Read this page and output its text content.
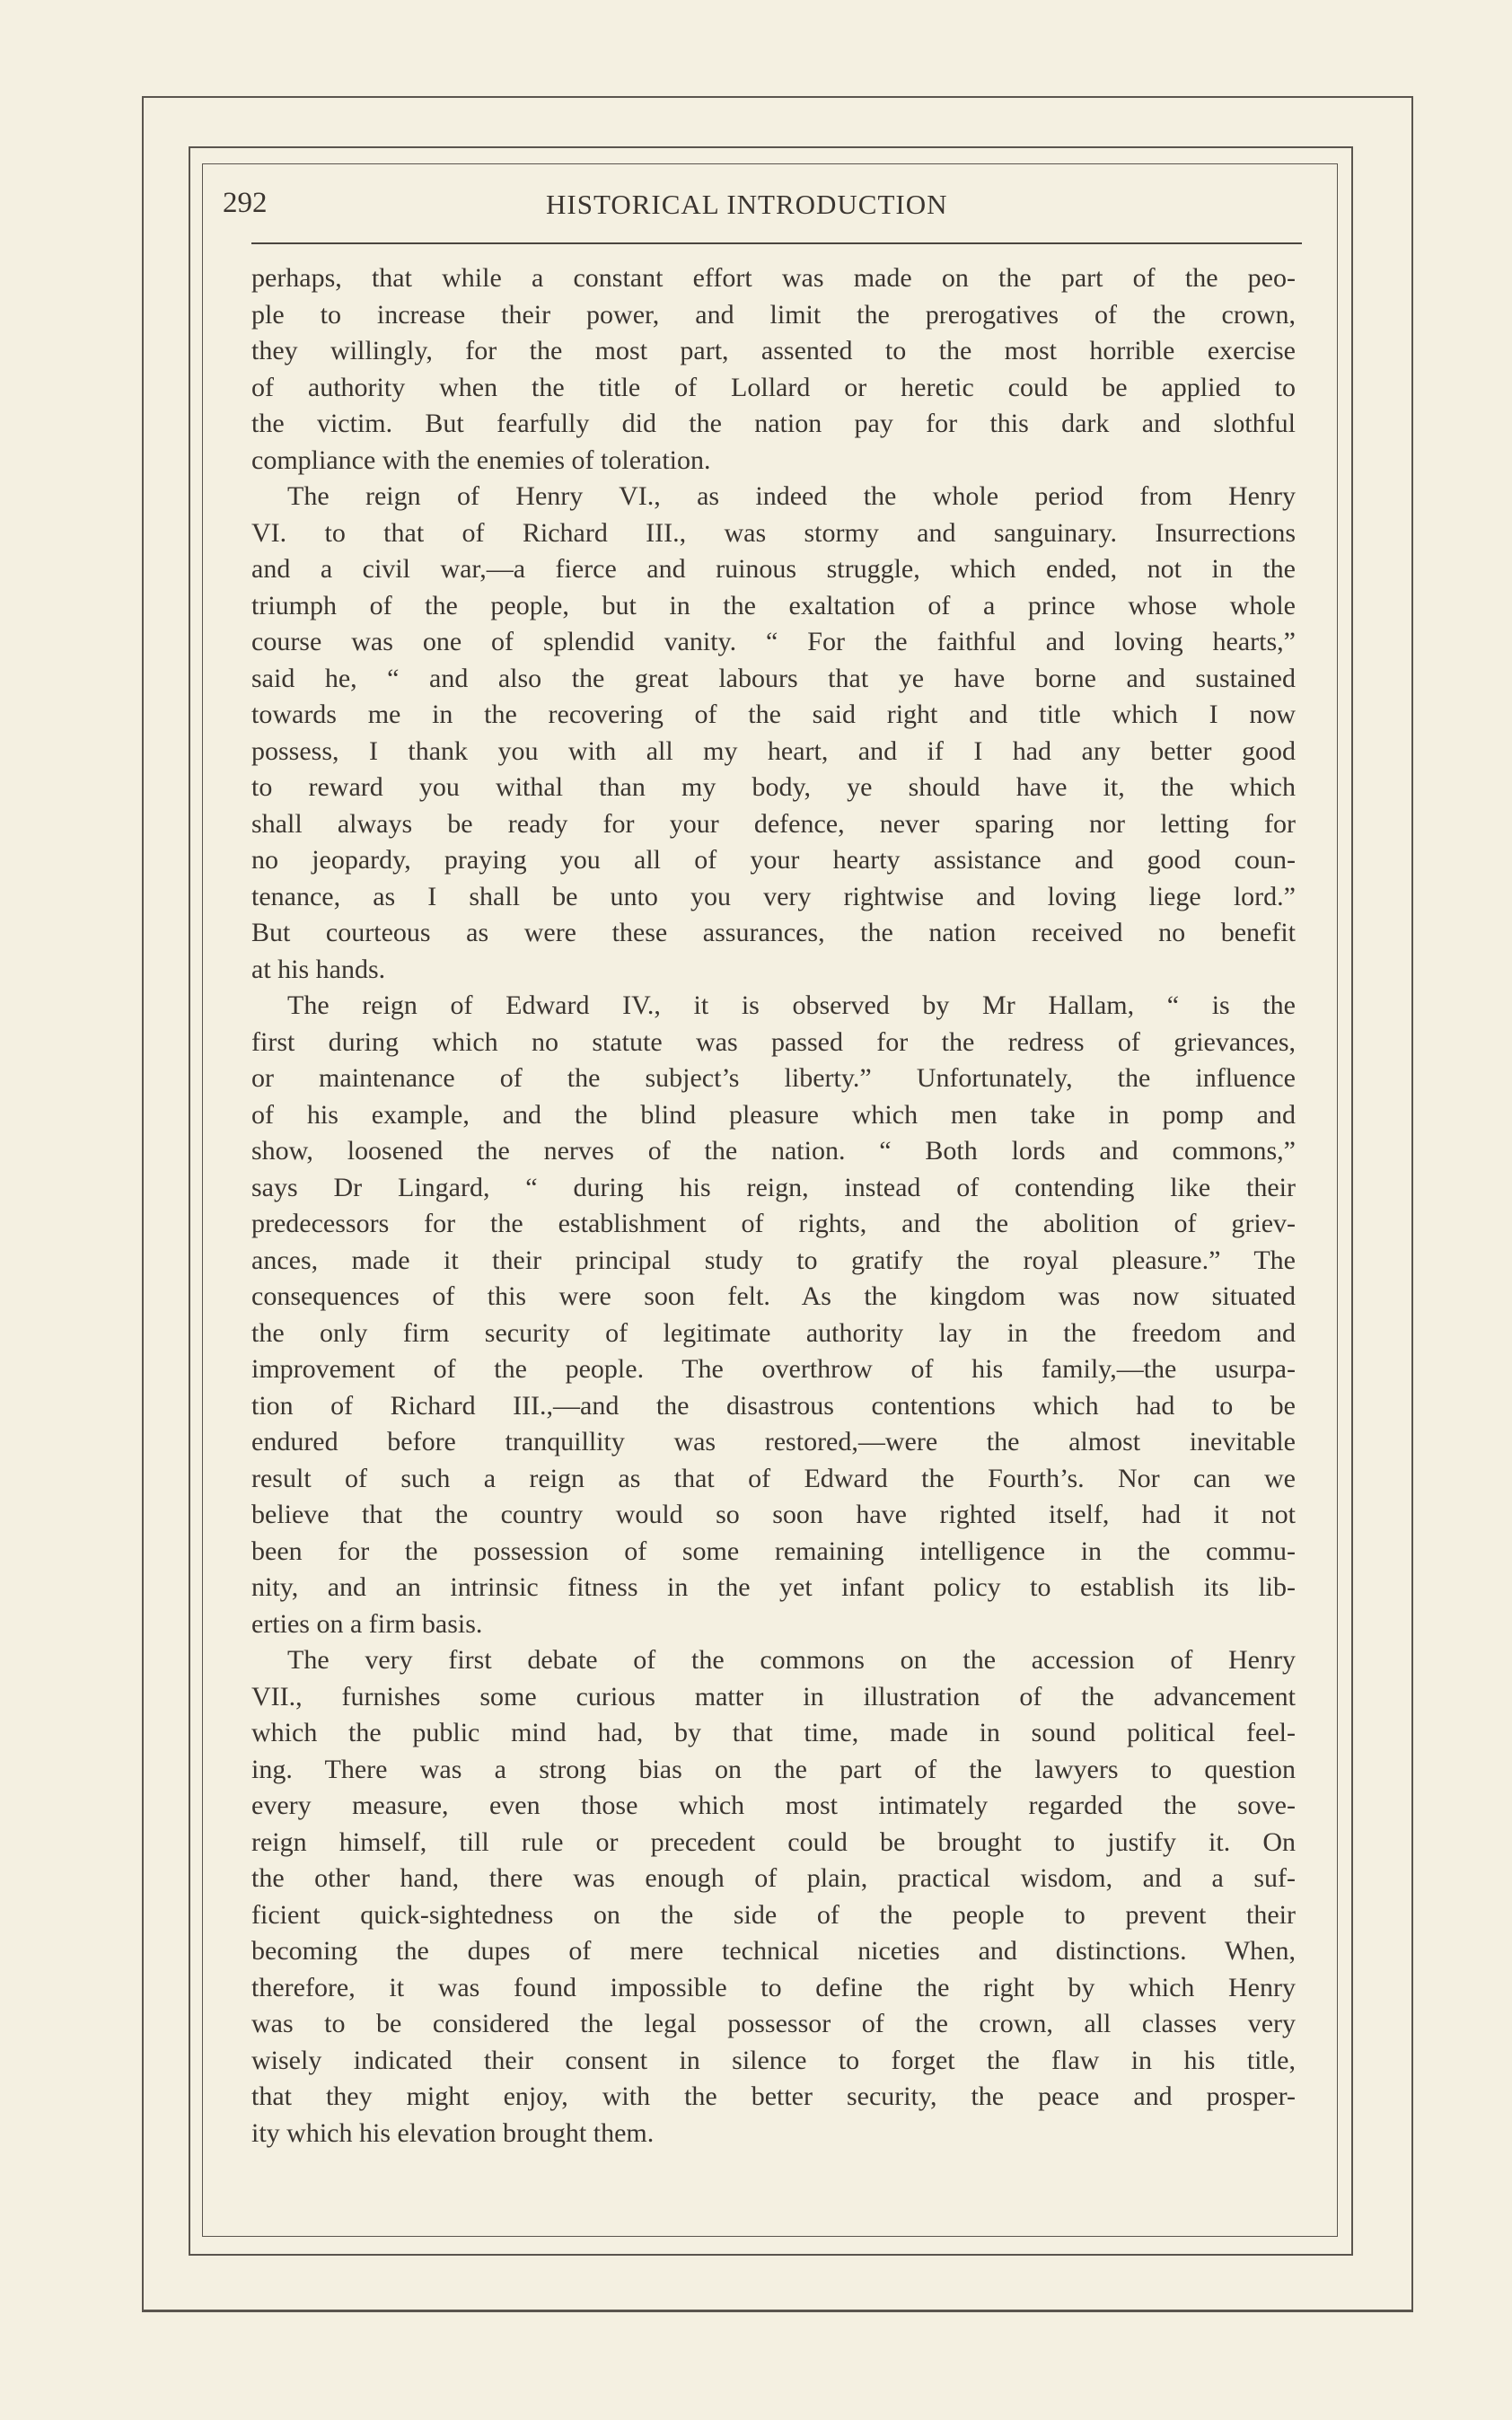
292	HISTORICAL INTRODUCTION
perhaps, that while a constant effort was made on the part of the peo-
ple to increase their power, and limit the prerogatives of the crown,
they willingly, for the most part, assented to the most horrible exercise
of authority when the title of Lollard or heretic could be applied to
the victim. But fearfully did the nation pay for this dark and slothful
compliance with the enemies of toleration.
The reign of Henry VI., as indeed the whole period from Henry
VI. to that of Richard III., was stormy and sanguinary. Insurrections
and a civil war,—a fierce and ruinous struggle, which ended, not in the
triumph of the people, but in the exaltation of a prince whose whole
course was one of splendid vanity. “ For the faithful and loving hearts,”
said he, “ and also the great labours that ye have borne and sustained
towards me in the recovering of the said right and title which I now
possess, I thank you with all my heart, and if I had any better good
to reward you withal than my body, ye should have it, the which
shall always be ready for your defence, never sparing nor letting for
no jeopardy, praying you all of your hearty assistance and good coun-
tenance, as I shall be unto you very rightwise and loving liege lord.”
But courteous as were these assurances, the nation received no benefit
at his hands.
The reign of Edward IV., it is observed by Mr Hallam, “ is the
first during which no statute was passed for the redress of grievances,
or maintenance of the subject’s liberty.” Unfortunately, the influence
of his example, and the blind pleasure which men take in pomp and
show, loosened the nerves of the nation. “ Both lords and commons,”
says Dr Lingard, “ during his reign, instead of contending like their
predecessors for the establishment of rights, and the abolition of griev-
ances, made it their principal study to gratify the royal pleasure.” The
consequences of this were soon felt. As the kingdom was now situated
the only firm security of legitimate authority lay in the freedom and
improvement of the people. The overthrow of his family,—the usurpa-
tion of Richard III.,—and the disastrous contentions which had to be
endured before tranquillity was restored,—were the almost inevitable
result of such a reign as that of Edward the Fourth’s. Nor can we
believe that the country would so soon have righted itself, had it not
been for the possession of some remaining intelligence in the commu-
nity, and an intrinsic fitness in the yet infant policy to establish its lib-
erties on a firm basis.
The very first debate of the commons on the accession of Henry
VII., furnishes some curious matter in illustration of the advancement
which the public mind had, by that time, made in sound political feel-
ing. There was a strong bias on the part of the lawyers to question
every measure, even those which most intimately regarded the sove-
reign himself, till rule or precedent could be brought to justify it. On
the other hand, there was enough of plain, practical wisdom, and a suf-
ficient quick-sightedness on the side of the people to prevent their
becoming the dupes of mere technical niceties and distinctions. When,
therefore, it was found impossible to define the right by which Henry
was to be considered the legal possessor of the crown, all classes very
wisely indicated their consent in silence to forget the flaw in his title,
that they might enjoy, with the better security, the peace and prosper-
ity which his elevation brought them.
